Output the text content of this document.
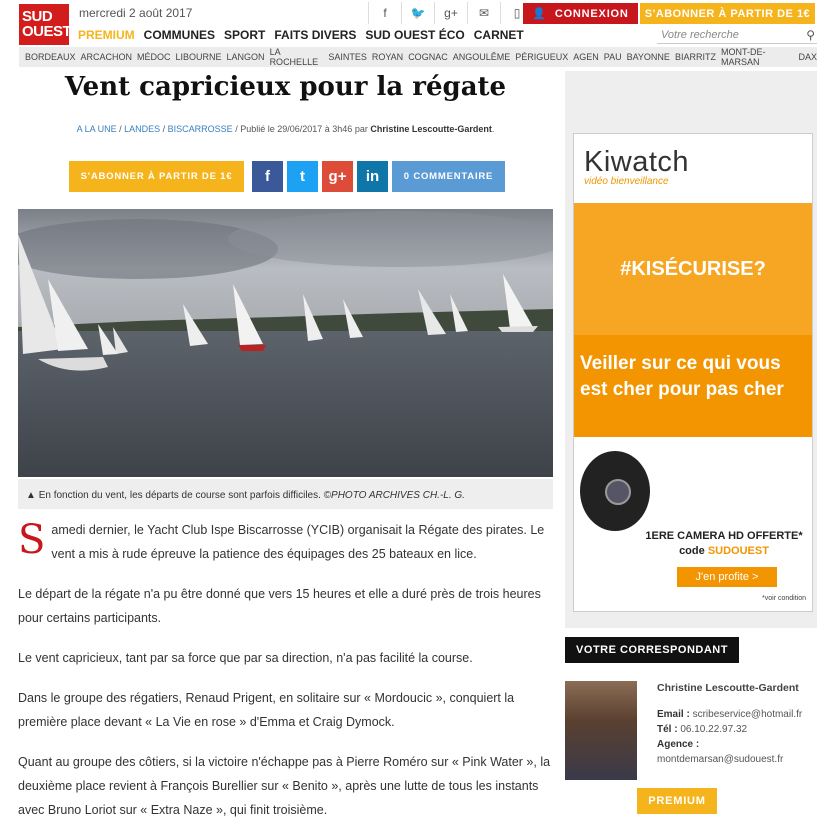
SUD
OUEST
mercredi 2 août 2017	f	🐦	g+	✉	▯	👤 CONNEXION	S'ABONNER À PARTIR DE 1€
PREMIUM COMMUNES SPORT FAITS DIVERS SUD OUEST ÉCO CARNET	Votre recherche	⚲
BORDEAUX ARCACHON MÉDOC LIBOURNE LANGON LA ROCHELLE	SAINTES ROYAN COGNAC ANGOULÊME PÉRIGUEUX AGEN PAU BAYONNE BIARRITZ MONT-DE-MARSAN	DAX
Vent capricieux pour la régate
A LA UNE / LANDES / BISCARROSSE / Publié le 29/06/2017 à 3h46 par Christine Lescoutte-Gardent.
S'ABONNER À PARTIR DE 1€	f	t	g+	in	0 COMMENTAIRE
▲ En fonction du vent, les départs de course sont parfois difficiles. ©PHOTO ARCHIVES CH.-L. G.

Samedi dernier, le Yacht Club Ispe Biscarrosse (YCIB) organisait la Régate des pirates. Le vent a mis à rude épreuve la patience des équipages des 25 bateaux en lice.

Le départ de la régate n'a pu être donné que vers 15 heures et elle a duré près de trois heures pour certains participants.

Le vent capricieux, tant par sa force que par sa direction, n'a pas facilité la course.

Dans le groupe des régatiers, Renaud Prigent, en solitaire sur « Mordoucic », conquiert la première place devant « La Vie en rose » d'Emma et Craig Dymock.

Quant au groupe des côtiers, si la victoire n'échappe pas à Pierre Roméro sur « Pink Water », la deuxième place revient à François Burellier sur « Benito », après une lutte de tous les instants avec Bruno Loriot sur « Extra Naze », qui finit troisième.

Kiwatch
vidéo bienveillance
#KISÉCURISE?
Veiller sur ce qui vous est cher pour pas cher
1ERE CAMERA HD OFFERTE*
code SUDOUEST
J'en profite >
*voir condition
VOTRE CORRESPONDANT
Christine Lescoutte-Gardent
Email : scribeservice@hotmail.fr
Tél : 06.10.22.97.32
Agence :
montdemarsan@sudouest.fr
PREMIUM
